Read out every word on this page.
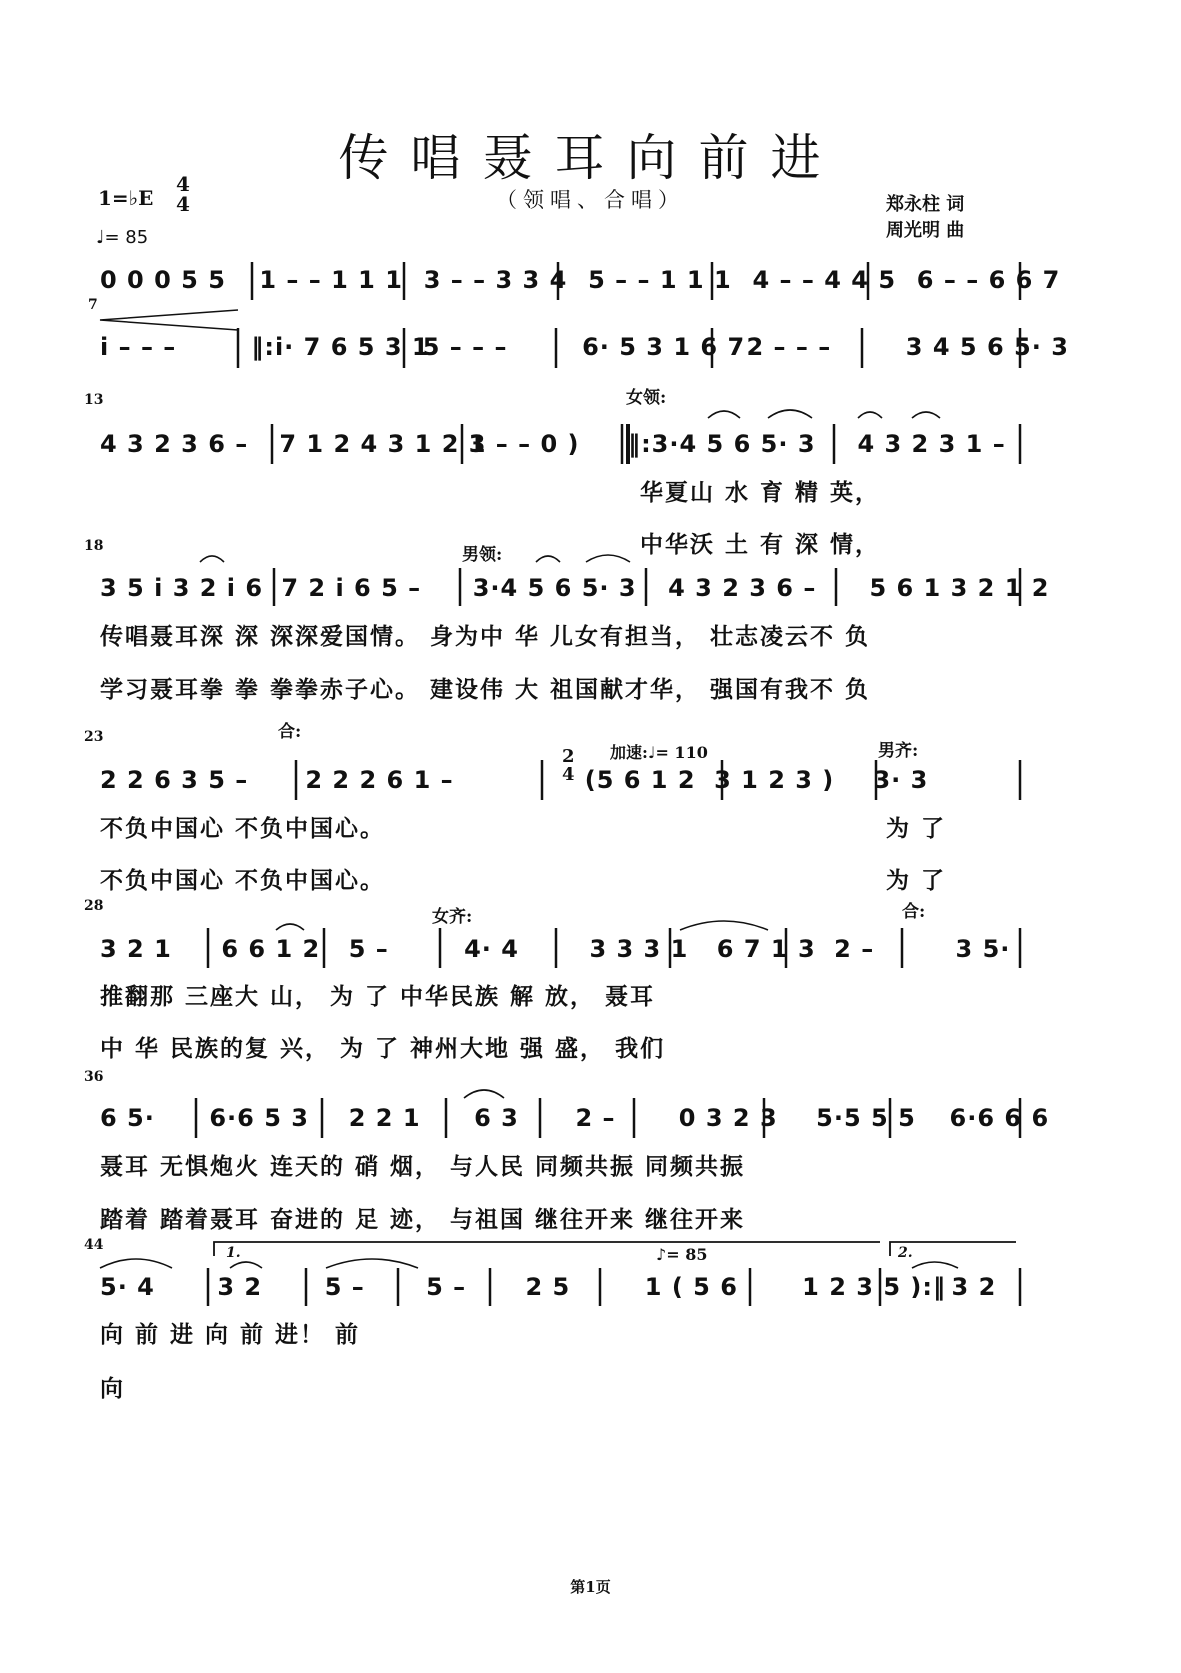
传唱聂耳向前进
（领唱、合唱）
1=♭E
4
4
♩= 85
郑永柱 词
周光明 曲
7
13
18
23
28
36
44
女领:
男领:
合:
加速:♩= 110	男齐:
女齐:	合:
♪= 85
1.	2.
2
4
0 0 0 5 5 1 – – 1 1 1 3 – – 3 3 4 5 – – 1 1 1 4 – – 4 4 5 6 – – 6 6 7
i – – –	‖:i· 7 6 5 3 1 5 – – –	6· 5 3 1 6 7 2 – – –	3 4 5 6 5· 3
4 3 2 3 6 – 7 1 2 4 3 1 2 3 1 – – 0 ) ‖:3·4 5 6 5· 3 4 3 2 3 1 –
3 5 i 3 2 i 6 7 2 i 6 5 – 3·4 5 6 5· 3 4 3 2 3 6 – 5 6 1 3 2 1 2
2 2 6 3 5 – 2 2 2 6 1 –	(5 6 1 2 3 1 2 3 ) 3· 3
3 2 1 6 6 1 2 5 –	4· 4	3 3 3 1 6 7 1 3 2 –	3 5·
6 5· 6·6 5 3 2 2 1 6 3 2 –	0 3 2 3 5·5 5 5 6·6 6 6
5· 4	3 2	5 –	5 – 2 5	1 ( 5 6	1 2 3 5 ):‖ 3 2
华夏山 水 育 精 英，
中华沃 土 有 深 情，
传唱聂耳深 深 深深爱国情。 身为中 华 儿女有担当， 壮志凌云不 负
学习聂耳拳 拳 拳拳赤子心。 建设伟 大 祖国献才华， 强国有我不 负
不负中国心 不负中国心。	为 了
不负中国心 不负中国心。	为 了
推翻那 三座大 山， 为 了 中华民族 解 放， 聂耳
中 华 民族的复 兴， 为 了 神州大地 强 盛， 我们
聂耳 无惧炮火 连天的 硝 烟， 与人民 同频共振 同频共振
踏着 踏着聂耳 奋进的 足 迹， 与祖国 继往开来 继往开来
向 前 进 向 前 进！ 前
向
第1页
